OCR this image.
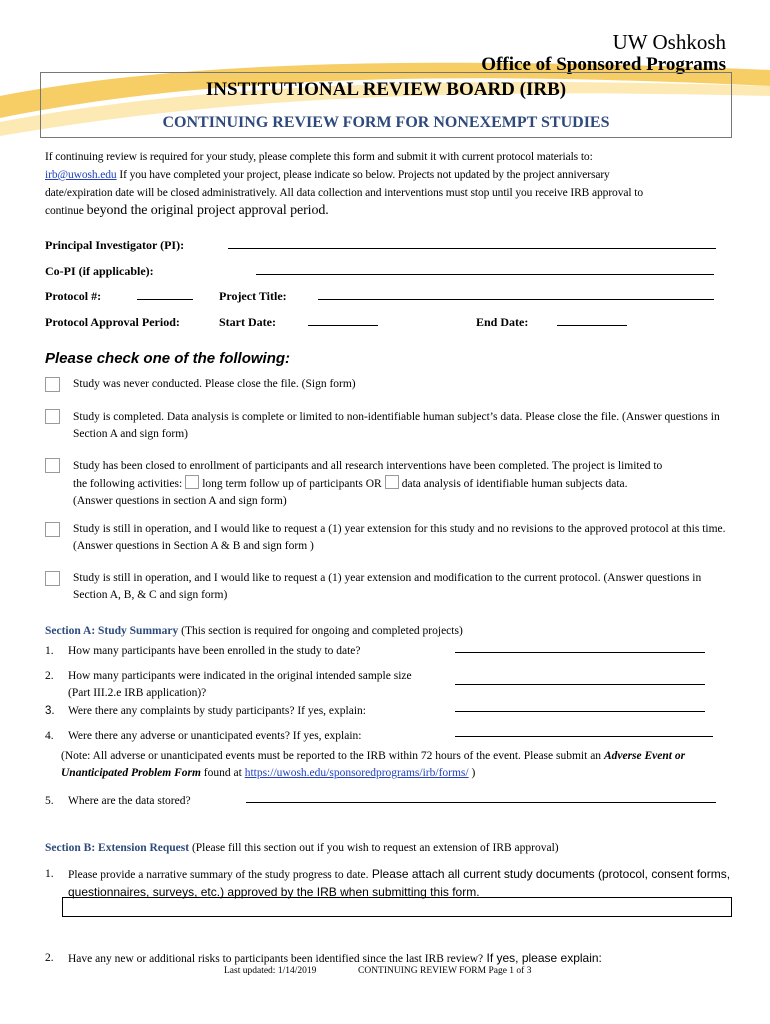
UW Oshkosh
Office of Sponsored Programs
INSTITUTIONAL REVIEW BOARD (IRB)
CONTINUING REVIEW FORM FOR NONEXEMPT STUDIES
If continuing review is required for your study, please complete this form and submit it with current protocol materials to:
irb@uwosh.edu If you have completed your project, please indicate so below. Projects not updated by the project anniversary
date/expiration date will be closed administratively. All data collection and interventions must stop until you receive IRB approval to
continue beyond the original project approval period.
Principal Investigator (PI):
Co-PI (if applicable):
Protocol #:	Project Title:
Protocol Approval Period:	Start Date:	End Date:
Please check one of the following:
Study was never conducted. Please close the file. (Sign form)
Study is completed. Data analysis is complete or limited to non-identifiable human subject’s data. Please close the file. (Answer questions in Section A and sign form)
Study has been closed to enrollment of participants and all research interventions have been completed. The project is limited to
the following activities: long term follow up of participants OR data analysis of identifiable human subjects data.
(Answer questions in section A and sign form)
Study is still in operation, and I would like to request a (1) year extension for this study and no revisions to the approved protocol at this time. (Answer questions in Section A & B and sign form )
Study is still in operation, and I would like to request a (1) year extension and modification to the current protocol. (Answer questions in Section A, B, & C and sign form)
Section A: Study Summary (This section is required for ongoing and completed projects)
1. How many participants have been enrolled in the study to date?
2. How many participants were indicated in the original intended sample size (Part III.2.e IRB application)?
3. Were there any complaints by study participants? If yes, explain:
4. Were there any adverse or unanticipated events? If yes, explain:
(Note: All adverse or unanticipated events must be reported to the IRB within 72 hours of the event. Please submit an Adverse Event or Unanticipated Problem Form found at https://uwosh.edu/sponsoredprograms/irb/forms/ )
5. Where are the data stored?
Section B: Extension Request (Please fill this section out if you wish to request an extension of IRB approval)
1. Please provide a narrative summary of the study progress to date. Please attach all current study documents (protocol, consent forms, questionnaires, surveys, etc.) approved by the IRB when submitting this form.
2. Have any new or additional risks to participants been identified since the last IRB review? If yes, please explain:
Last updated: 1/14/2019	CONTINUING REVIEW FORM Page 1 of 3
